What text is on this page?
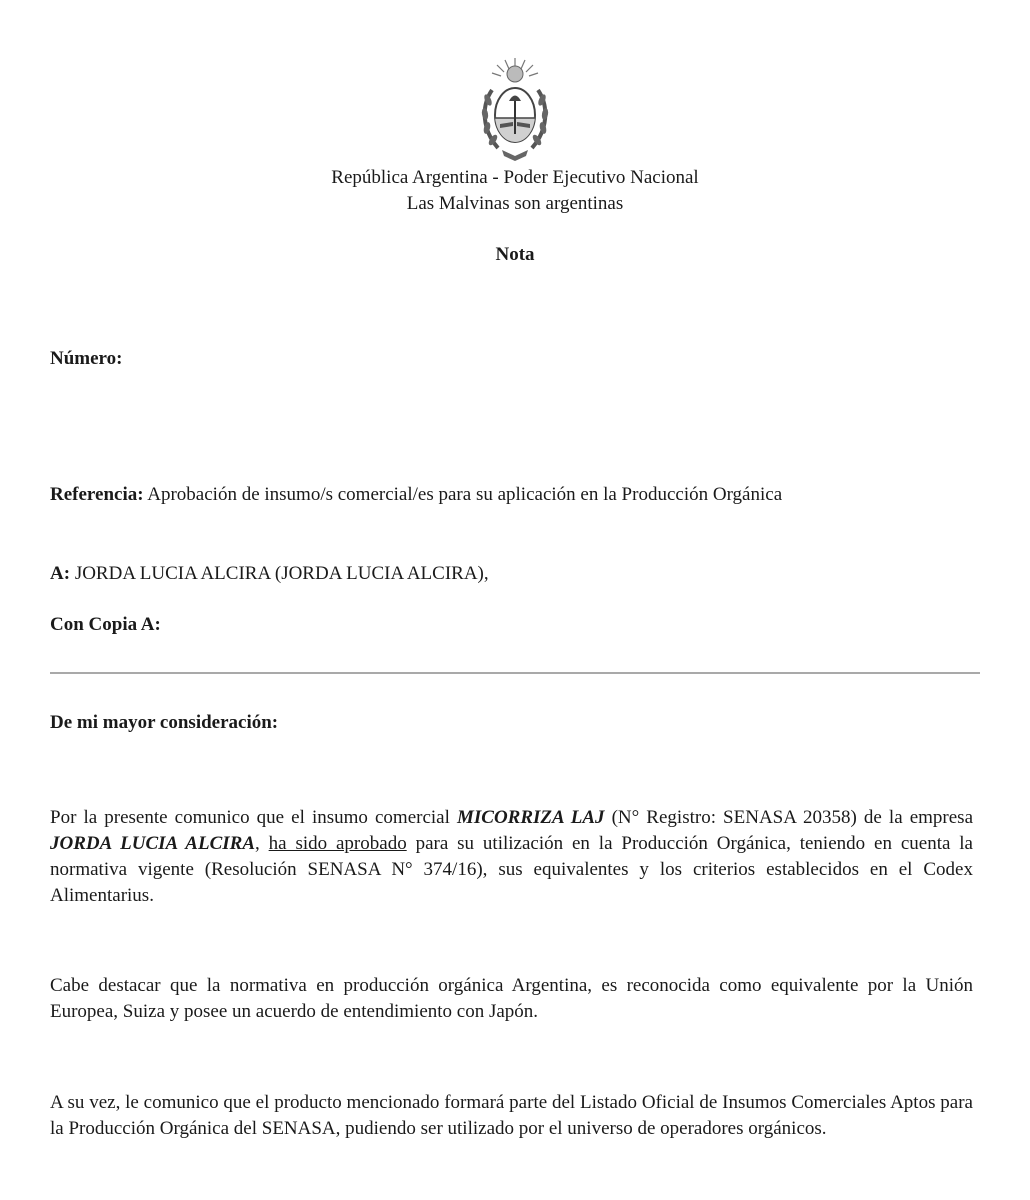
República Argentina - Poder Ejecutivo Nacional
Las Malvinas son argentinas
Nota
Número:
Referencia: Aprobación de insumo/s comercial/es para su aplicación en la Producción Orgánica
A: JORDA LUCIA ALCIRA (JORDA LUCIA ALCIRA),
Con Copia A:
De mi mayor consideración:

Por la presente comunico que el insumo comercial MICORRIZA LAJ (N° Registro: SENASA 20358) de la empresa JORDA LUCIA ALCIRA, ha sido aprobado para su utilización en la Producción Orgánica, teniendo en cuenta la normativa vigente (Resolución SENASA N° 374/16), sus equivalentes y los criterios establecidos en el Codex Alimentarius.

Cabe destacar que la normativa en producción orgánica Argentina, es reconocida como equivalente por la Unión Europea, Suiza y posee un acuerdo de entendimiento con Japón.

A su vez, le comunico que el producto mencionado formará parte del Listado Oficial de Insumos Comerciales Aptos para la Producción Orgánica del SENASA, pudiendo ser utilizado por el universo de operadores orgánicos.
